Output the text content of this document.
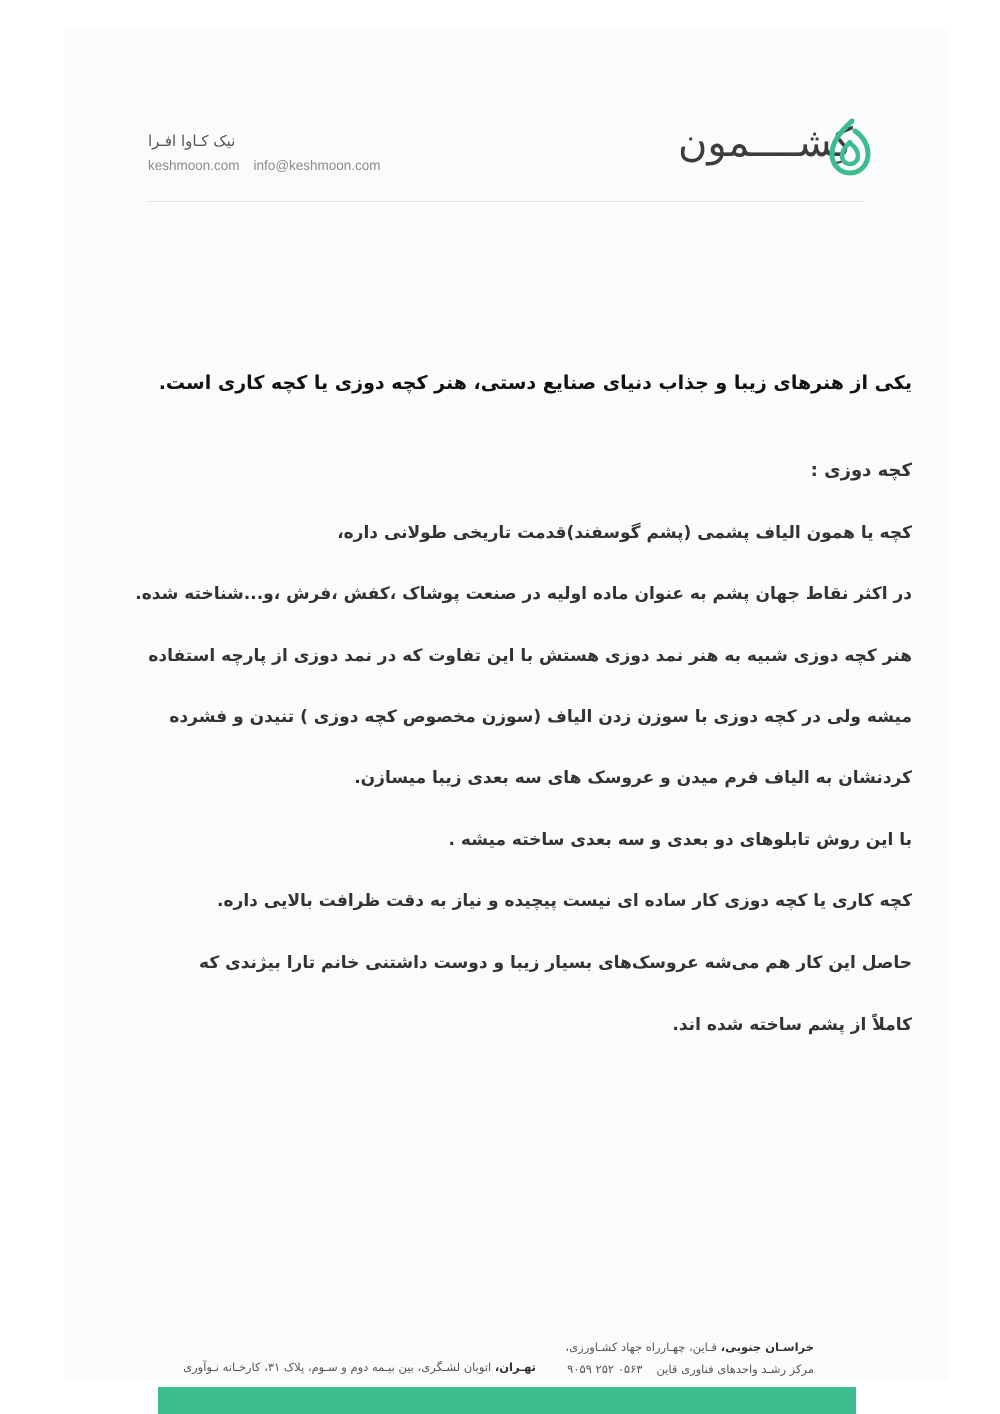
نیک کـاوا افـرا
keshmoon.com info@keshmoon.com	کِشــــمون
یکی از هنرهای زیبا و جذاب دنیای صنایع دستی، هنر کچه دوزی یا کچه کاری است.
کچه دوزی :
کچه یا همون الیاف پشمی (پشم گوسفند)قدمت تاریخی طولانی داره،
در اکثر نقاط جهان پشم به عنوان ماده اولیه در صنعت پوشاک ،کفش ،فرش ،و...شناخته شده.
هنر کچه دوزی شبیه به هنر نمد دوزی هستش با این تفاوت که در نمد دوزی از پارچه استفاده
میشه ولی در کچه دوزی با سوزن زدن الیاف (سوزن مخصوص کچه دوزی ) تنیدن و فشرده
کردنشان به الیاف فرم میدن و عروسک های سه بعدی زیبا میسازن.
با این روش تابلوهای دو بعدی و سه بعدی ساخته میشه .
کچه کاری یا کچه دوزی کار ساده ای نیست پیچیده و نیاز به دقت ظرافت بالایی داره.
حاصل این کار هم می‌شه عروسک‌های بسیار زیبا و دوست داشتنی خانم تارا بیژندی که
کاملاً از پشم ساخته شده اند.
تهـران، اتوبان لشـگری، بین بیـمه دوم و سـوم، پلاک ۳۱، کارخـانه نـوآوری
خراسـان جنوبی، قـاین، چهـارراه جهاد کشـاورزی،
مرکز رشـد واحدهای فناوری قاین۰۵۶۳ ۲۵۲ ۹۰۵۹
